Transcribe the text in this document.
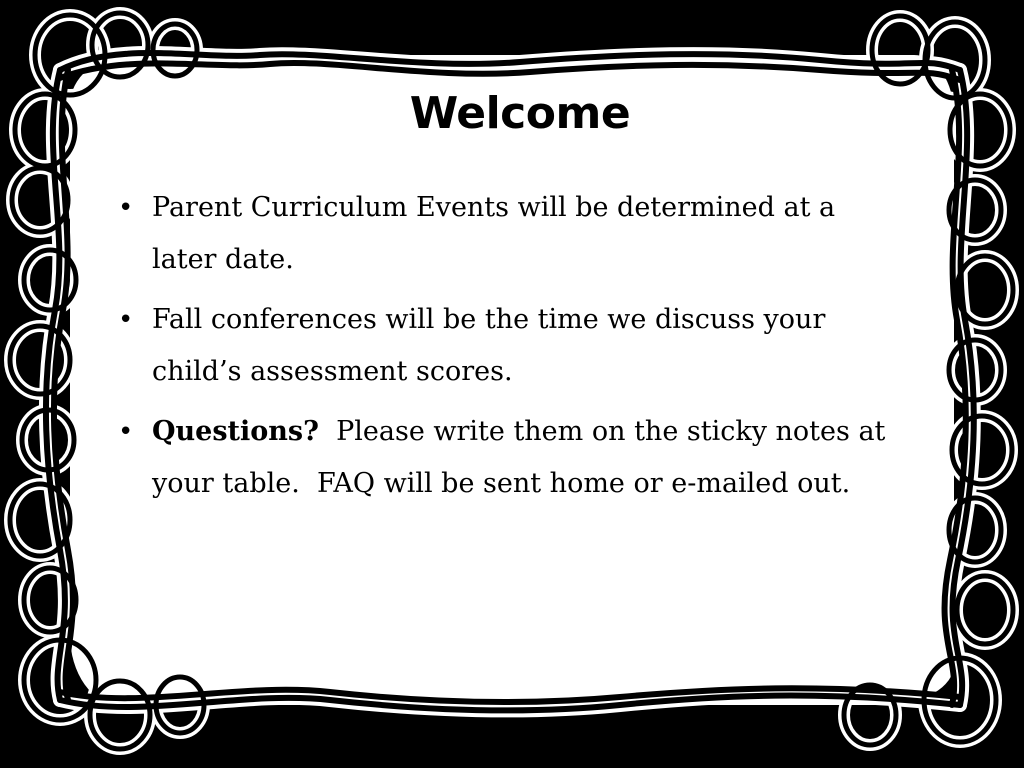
Welcome
• Parent Curriculum Events will be determined at a later date.
• Fall conferences will be the time we discuss your child’s assessment scores.
• Questions?  Please write them on the sticky notes at your table.  FAQ will be sent home or e-mailed out.
